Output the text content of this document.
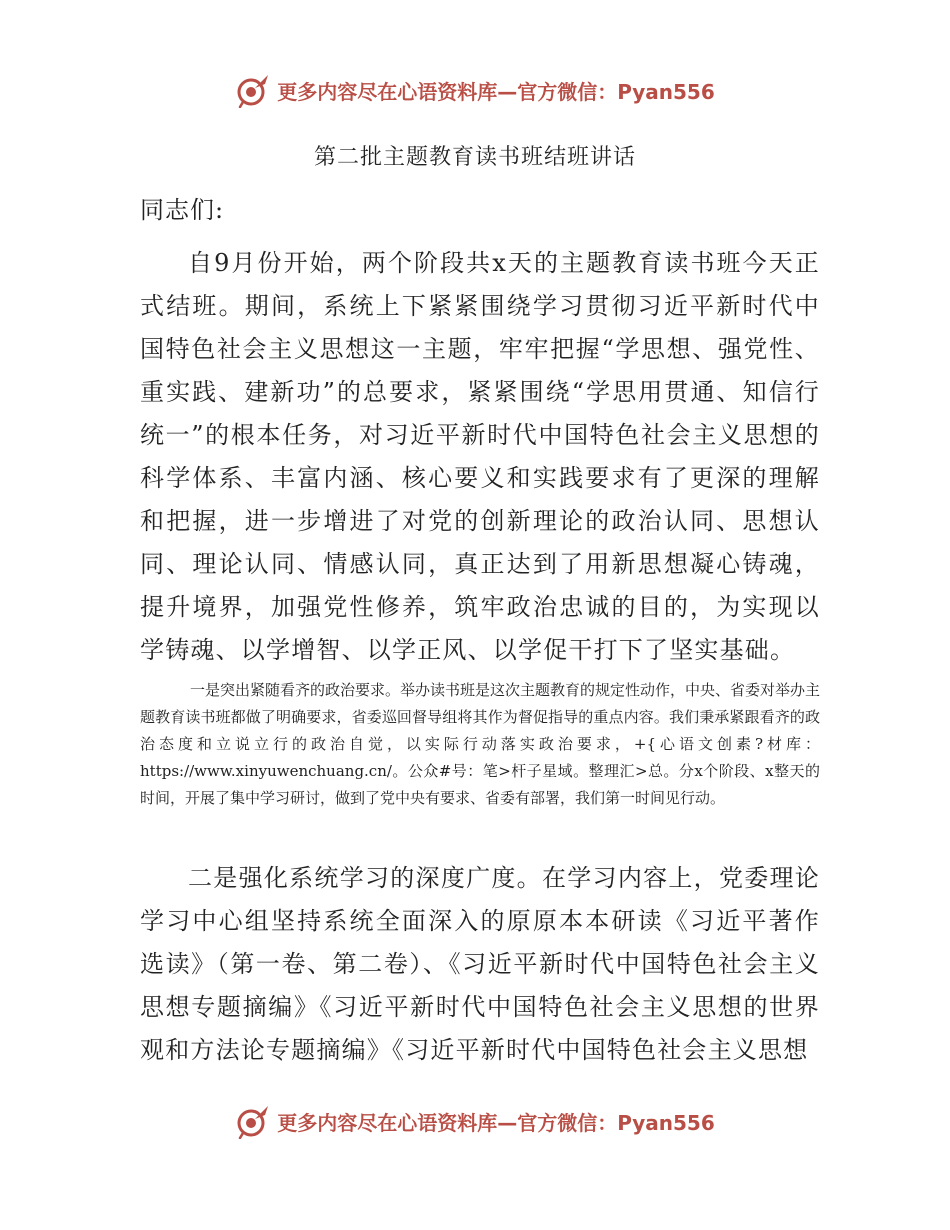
更多内容尽在心语资料库—官方微信：Pyan556
第二批主题教育读书班结班讲话

同志们:

自9月份开始，两个阶段共x天的主题教育读书班今天正式结班。期间，系统上下紧紧围绕学习贯彻习近平新时代中国特色社会主义思想这一主题，牢牢把握“学思想、强党性、重实践、建新功”的总要求，紧紧围绕“学思用贯通、知信行统一”的根本任务，对习近平新时代中国特色社会主义思想的科学体系、丰富内涵、核心要义和实践要求有了更深的理解和把握，进一步增进了对党的创新理论的政治认同、思想认同、理论认同、情感认同，真正达到了用新思想凝心铸魂，提升境界，加强党性修养，筑牢政治忠诚的目的，为实现以学铸魂、以学增智、以学正风、以学促干打下了坚实基础。

一是突出紧随看齐的政治要求。举办读书班是这次主题教育的规定性动作，中央、省委对举办主题教育读书班都做了明确要求，省委巡回督导组将其作为督促指导的重点内容。我们秉承紧跟看齐的政治态度和立说立行的政治自觉，以实际行动落实政治要求，+{心语文创素?材库：https://www.xinyuwenchuang.cn/。公众#号：笔>杆子星域。整理汇>总。分x个阶段、x整天的时间，开展了集中学习研讨，做到了党中央有要求、省委有部署，我们第一时间见行动。

二是强化系统学习的深度广度。在学习内容上，党委理论学习中心组坚持系统全面深入的原原本本研读《习近平著作选读》（第一卷、第二卷）、《习近平新时代中国特色社会主义思想专题摘编》《习近平新时代中国特色社会主义思想的世界观和方法论专题摘编》《习近平新时代中国特色社会主义思想

更多内容尽在心语资料库—官方微信：Pyan556
